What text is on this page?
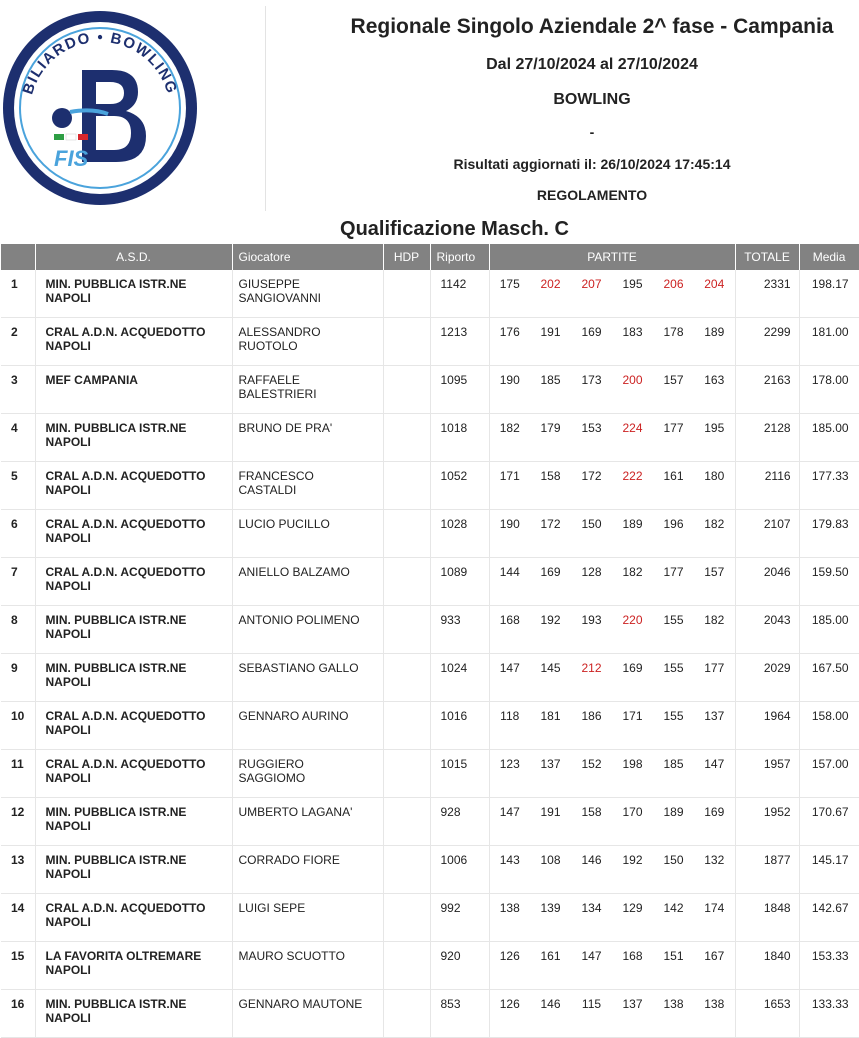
BILIARDO • BOWLING
FIS
Regionale Singolo Aziendale 2^ fase - Campania
Dal 27/10/2024 al 27/10/2024
BOWLING
-
Risultati aggiornati il: 26/10/2024 17:45:14
REGOLAMENTO
Qualificazione Masch. C
	A.S.D.	Giocatore	HDP	Riporto	PARTITE						TOTALE	Media
1	MIN. PUBBLICA ISTR.NE
NAPOLI	GIUSEPPE
SANGIOVANNI		1142	175	202	207	195	206	204	2331	198.17
2	CRAL A.D.N. ACQUEDOTTO
NAPOLI	ALESSANDRO
RUOTOLO		1213	176	191	169	183	178	189	2299	181.00
3	MEF CAMPANIA	RAFFAELE
BALESTRIERI		1095	190	185	173	200	157	163	2163	178.00
4	MIN. PUBBLICA ISTR.NE
NAPOLI	BRUNO DE PRA'		1018	182	179	153	224	177	195	2128	185.00
5	CRAL A.D.N. ACQUEDOTTO
NAPOLI	FRANCESCO
CASTALDI		1052	171	158	172	222	161	180	2116	177.33
6	CRAL A.D.N. ACQUEDOTTO
NAPOLI	LUCIO PUCILLO		1028	190	172	150	189	196	182	2107	179.83
7	CRAL A.D.N. ACQUEDOTTO
NAPOLI	ANIELLO BALZAMO		1089	144	169	128	182	177	157	2046	159.50
8	MIN. PUBBLICA ISTR.NE
NAPOLI	ANTONIO POLIMENO		933	168	192	193	220	155	182	2043	185.00
9	MIN. PUBBLICA ISTR.NE
NAPOLI	SEBASTIANO GALLO		1024	147	145	212	169	155	177	2029	167.50
10	CRAL A.D.N. ACQUEDOTTO
NAPOLI	GENNARO AURINO		1016	118	181	186	171	155	137	1964	158.00
11	CRAL A.D.N. ACQUEDOTTO
NAPOLI	RUGGIERO
SAGGIOMO		1015	123	137	152	198	185	147	1957	157.00
12	MIN. PUBBLICA ISTR.NE
NAPOLI	UMBERTO LAGANA'		928	147	191	158	170	189	169	1952	170.67
13	MIN. PUBBLICA ISTR.NE
NAPOLI	CORRADO FIORE		1006	143	108	146	192	150	132	1877	145.17
14	CRAL A.D.N. ACQUEDOTTO
NAPOLI	LUIGI SEPE		992	138	139	134	129	142	174	1848	142.67
15	LA FAVORITA OLTREMARE
NAPOLI	MAURO SCUOTTO		920	126	161	147	168	151	167	1840	153.33
16	MIN. PUBBLICA ISTR.NE
NAPOLI	GENNARO MAUTONE		853	126	146	115	137	138	138	1653	133.33
